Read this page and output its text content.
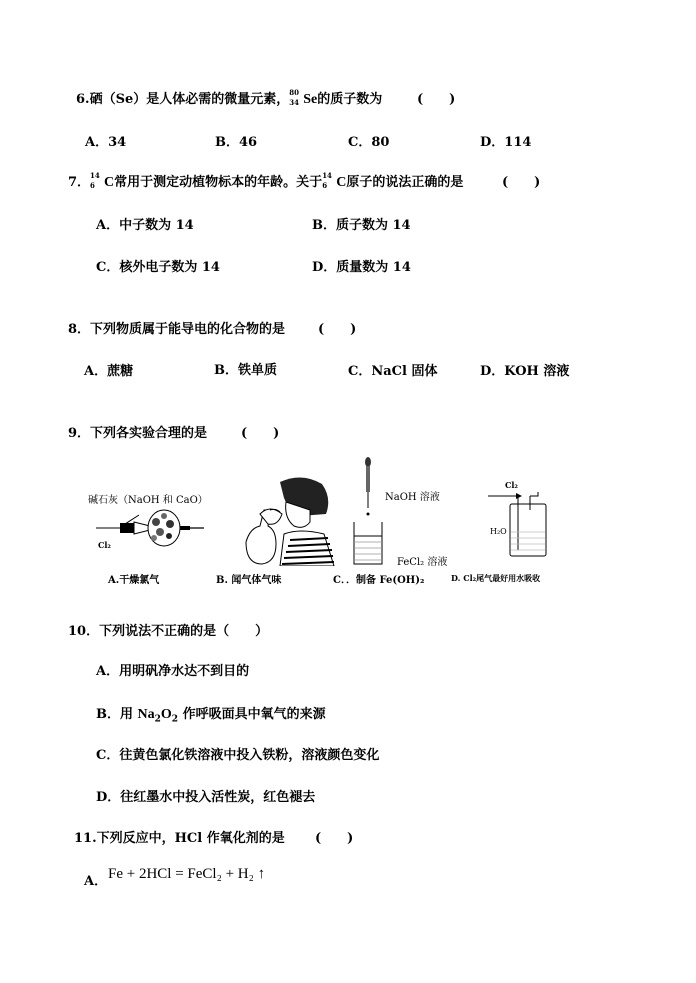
6.硒（Se）是人体必需的微量元素， 80
34 Se的质子数为	(　　)
A．34	B．46	C．80	D．114
7． 14
6 C常用于测定动植物标本的年龄。关于 14
6 C原子的说法正确的是	(　　)
A．中子数为 14	B．质子数为 14
C．核外电子数为 14	D．质量数为 14
8．下列物质属于能导电的化合物的是	(　　)
A．蔗糖	B．铁单质	C．NaCl 固体	D．KOH 溶液
9．下列各实验合理的是	(　　)
碱石灰（NaOH 和 CaO）
Cl₂
NaOH 溶液
FeCl₂ 溶液
Cl₂
H₂O
A.干燥氯气	B. 闻气体气味	C．．制备 Fe(OH)₂	D. Cl₂尾气最好用水吸收
10．下列说法不正确的是（　　）
A．用明矾净水达不到目的
B．用 $Na_2O_2$ 作呼吸面具中氧气的来源
C．往黄色氯化铁溶液中投入铁粉，溶液颜色变化
D．往红墨水中投入活性炭，红色褪去
11.下列反应中，HCl 作氧化剂的是 (　　)
A． Fe + 2HCl = FeCl₂ + H₂ ↑
